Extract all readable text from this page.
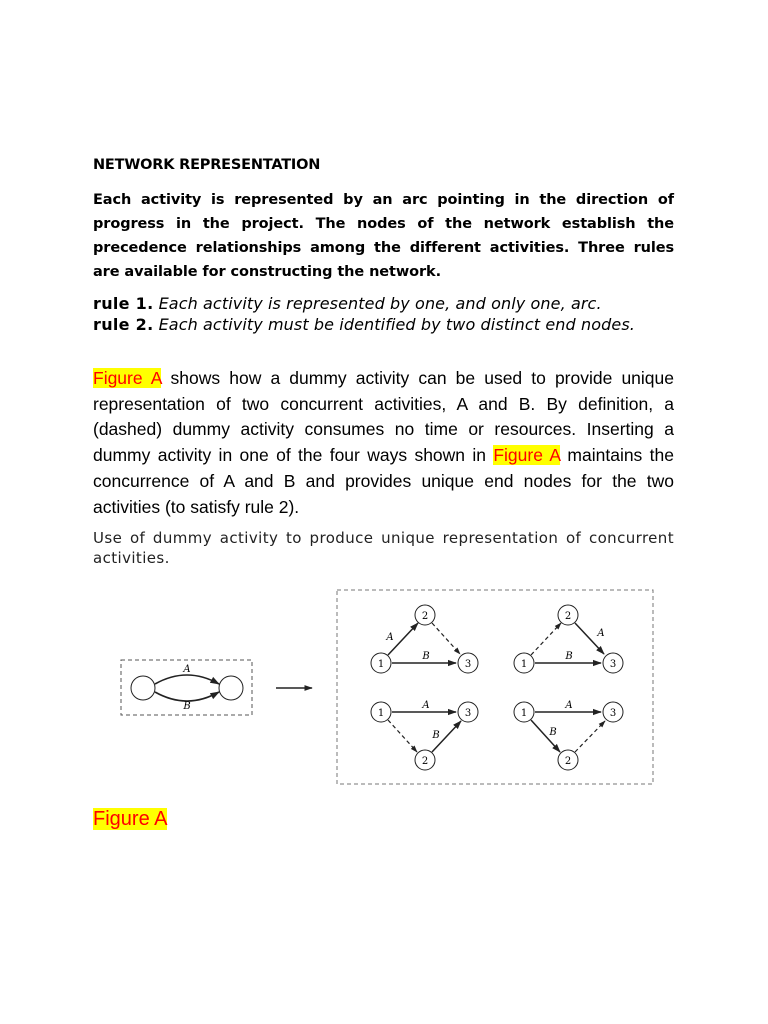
NETWORK REPRESENTATION
Each activity is represented by an arc pointing in the direction of progress in the project. The nodes of the network establish the precedence relationships among the different activities. Three rules are available for constructing the network.
rule 1. Each activity is represented by one, and only one, arc.
rule 2. Each activity must be identified by two distinct end nodes.
Figure A shows how a dummy activity can be used to provide unique representation of two concurrent activities, A and B. By definition, a (dashed) dummy activity consumes no time or resources. Inserting a dummy activity in one of the four ways shown in Figure A maintains the concurrence of A and B and provides unique end nodes for the two activities (to satisfy rule 2).
Use of dummy activity to produce unique representation of concurrent activities.
Figure A
A
B
1
2
3
A
B
1
2
3
A
B
1
2
3
A
B
1
2
3
A
B
